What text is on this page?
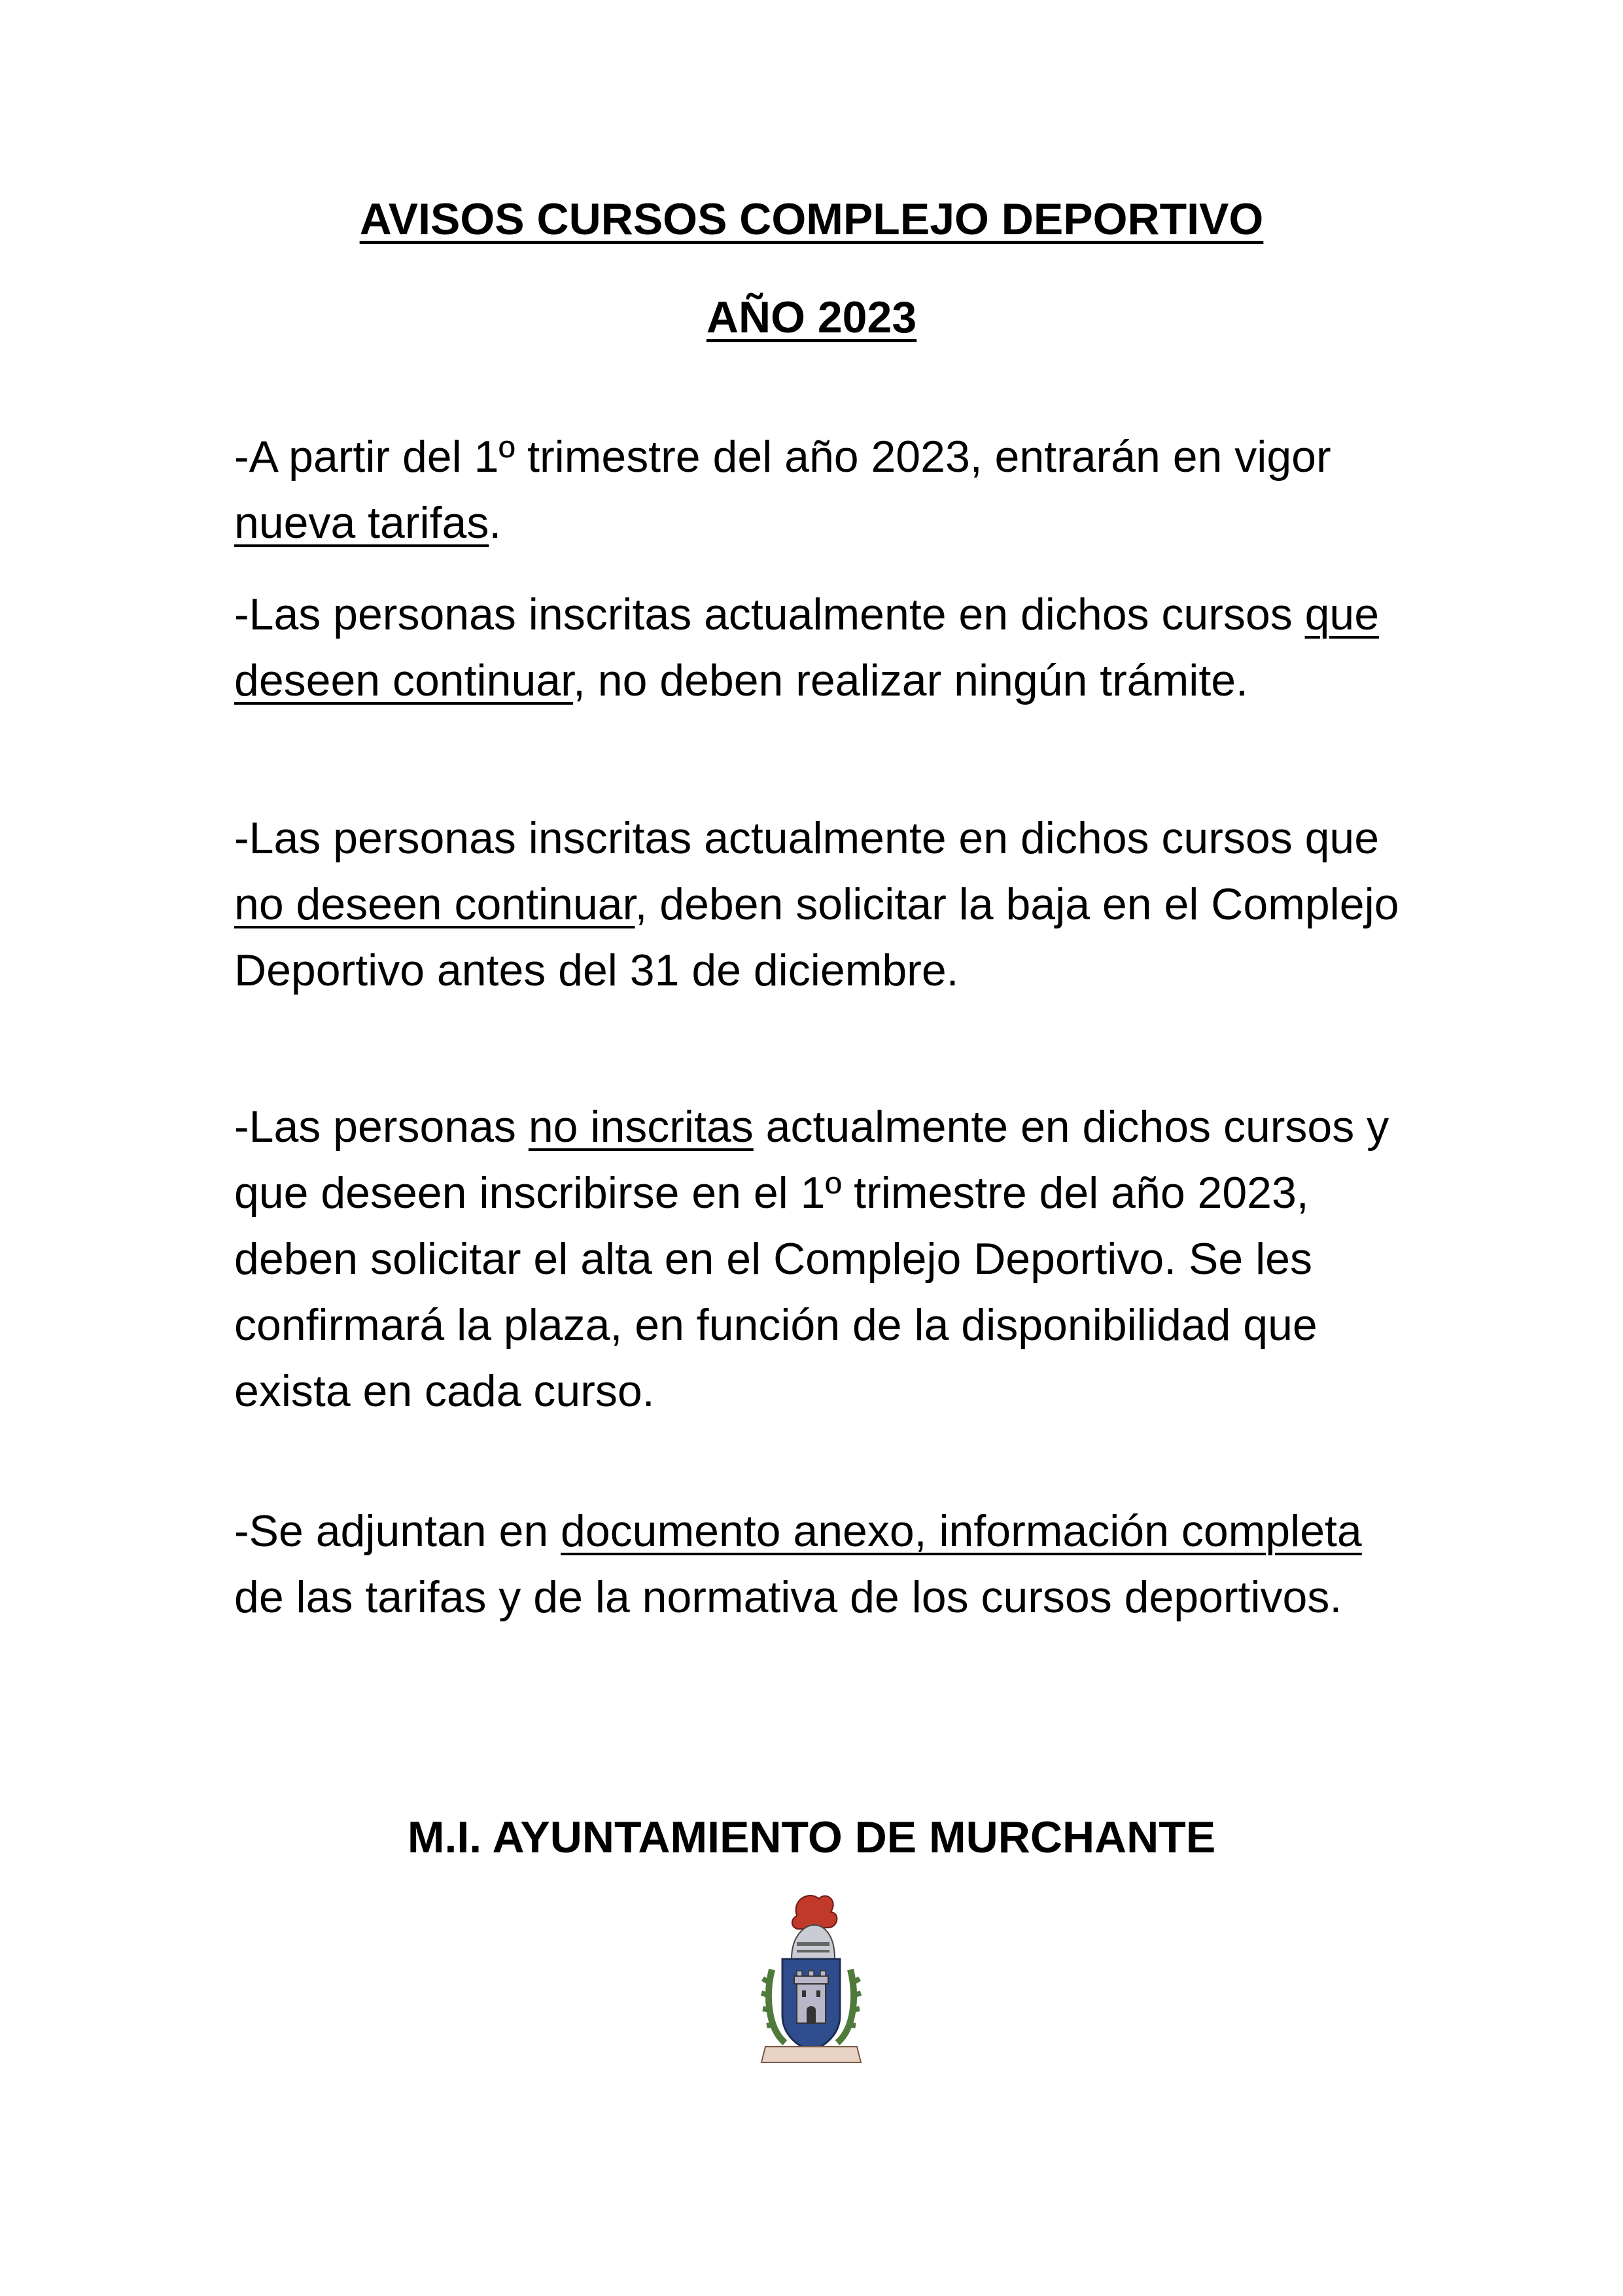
AVISOS CURSOS COMPLEJO DEPORTIVO
AÑO 2023

-A partir del 1º trimestre del año 2023, entrarán en vigor nueva tarifas.

-Las personas inscritas actualmente en dichos cursos que deseen continuar, no deben realizar ningún trámite.

-Las personas inscritas actualmente en dichos cursos que no deseen continuar, deben solicitar la baja en el Complejo Deportivo antes del 31 de diciembre.

-Las personas no inscritas actualmente en dichos cursos y que deseen inscribirse en el 1º trimestre del año 2023, deben solicitar el alta en el Complejo Deportivo. Se les confirmará la plaza, en función de la disponibilidad que exista en cada curso.

-Se adjuntan en documento anexo, información completa de las tarifas y de la normativa de los cursos deportivos.

M.I. AYUNTAMIENTO DE MURCHANTE
